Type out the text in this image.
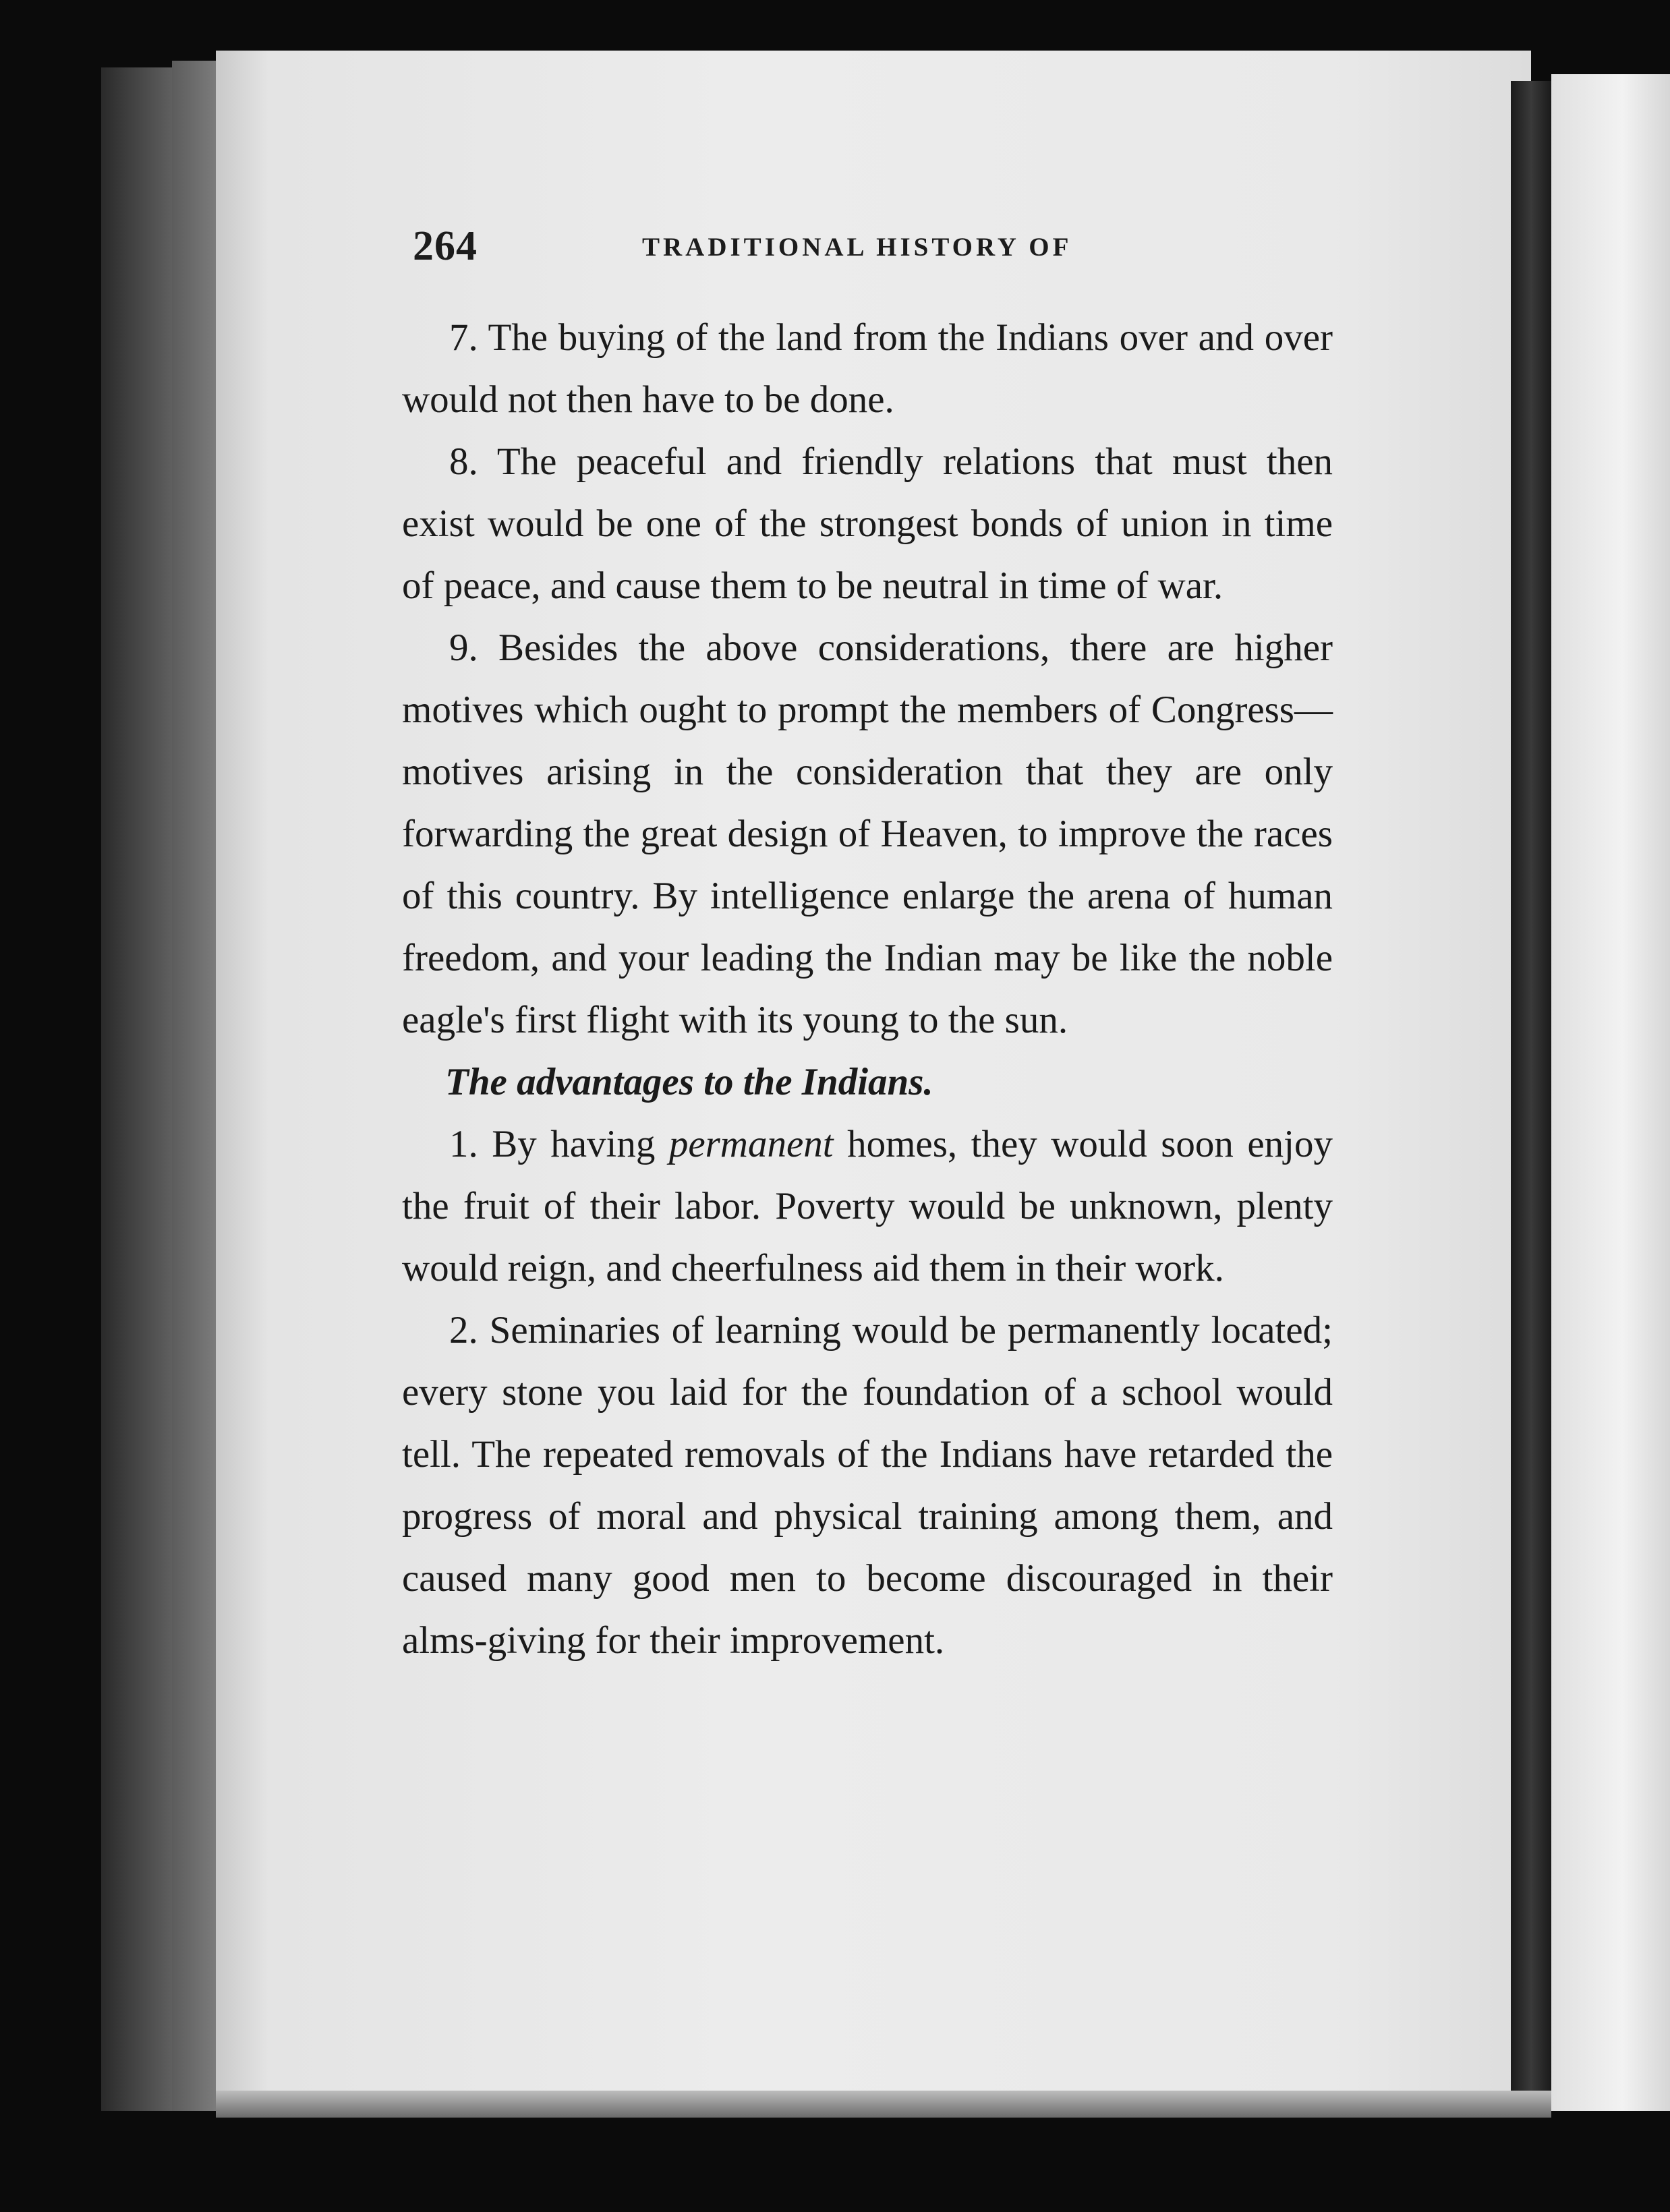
264	TRADITIONAL HISTORY OF

7. The buying of the land from the Indians over and over would not then have to be done.

8. The peaceful and friendly relations that must then exist would be one of the strongest bonds of union in time of peace, and cause them to be neutral in time of war.

9. Besides the above considerations, there are higher motives which ought to prompt the members of Congress—motives arising in the consideration that they are only forwarding the great design of Heaven, to improve the races of this country. By intelligence enlarge the arena of human freedom, and your leading the Indian may be like the noble eagle's first flight with its young to the sun.

The advantages to the Indians.

1. By having permanent homes, they would soon enjoy the fruit of their labor. Poverty would be unknown, plenty would reign, and cheerfulness aid them in their work.

2. Seminaries of learning would be permanently located; every stone you laid for the foundation of a school would tell. The repeated removals of the Indians have retarded the progress of moral and physical training among them, and caused many good men to become discouraged in their alms-giving for their improvement.
